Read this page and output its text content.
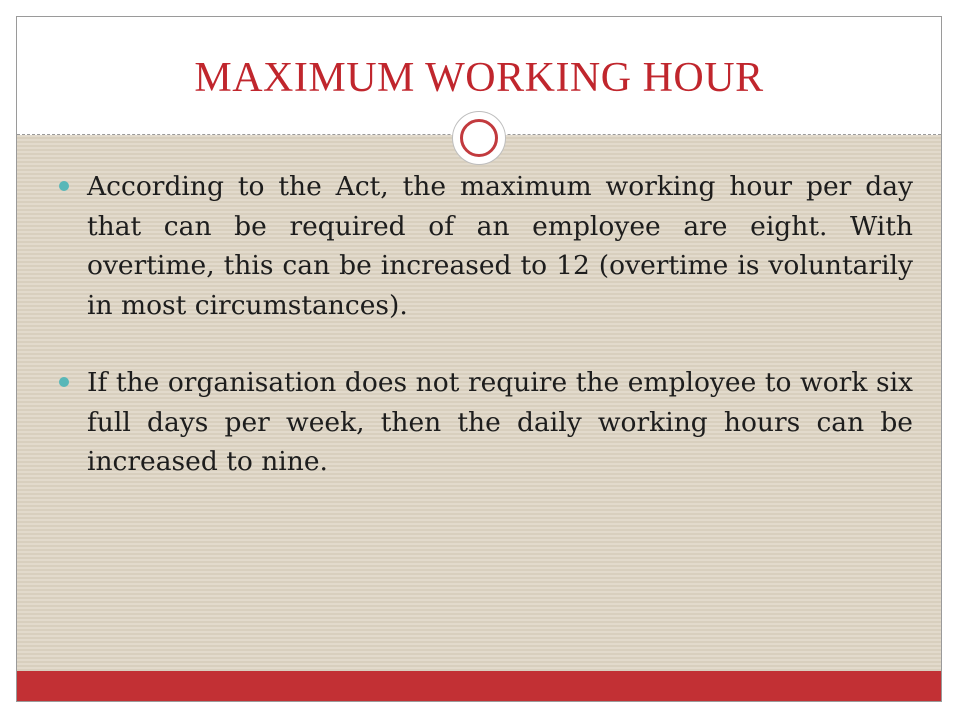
MAXIMUM WORKING HOUR
According to the Act, the maximum working hour per day that can be required of an employee are eight. With overtime, this can be increased to 12 (overtime is voluntarily in most circumstances).
If the organisation does not require the employee to work six full days per week, then the daily working hours can be increased to nine.
